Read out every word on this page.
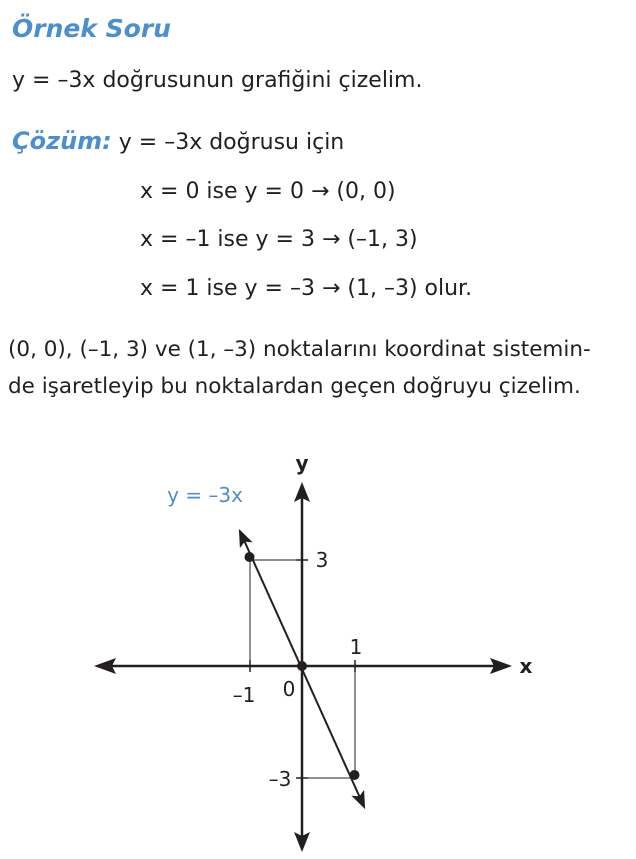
Örnek Soru
y = –3x doğrusunun grafiğini çizelim.
Çözüm: y = –3x doğrusu için
x = 0 ise y = 0 → (0, 0)
x = –1 ise y = 3 → (–1, 3)
x = 1 ise y = –3 → (1, –3) olur.
(0, 0), (–1, 3) ve (1, –3) noktalarını koordinat sistemin-
de işaretleyip bu noktalardan geçen doğruyu çizelim.
y
x
y = –3x
–1
1
3
–3
0
